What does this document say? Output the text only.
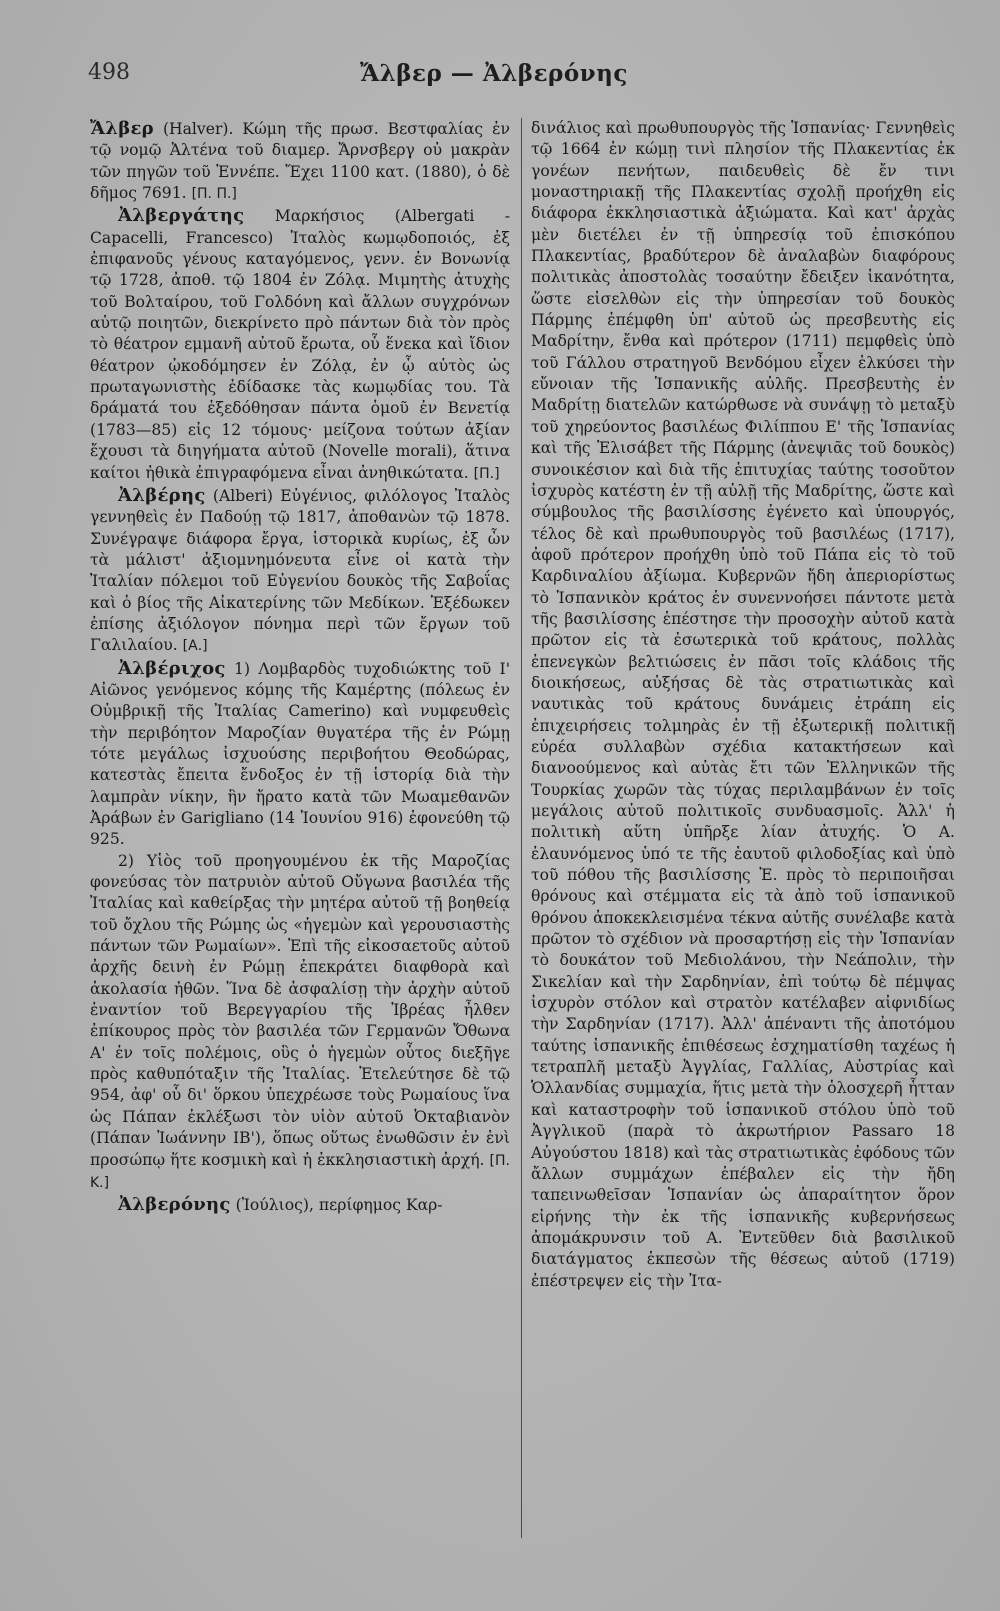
498	Ἄλβερ — Ἀλβερόνης

Ἄλβερ (Halver). Κώμη τῆς πρωσ. Βεστφαλίας ἐν τῷ νομῷ Ἀλτένα τοῦ διαμερ. Ἄρνσβεργ οὐ μακρὰν τῶν πηγῶν τοῦ Ἐννέπε. Ἔχει 1100 κατ. (1880), ὁ δὲ δῆμος 7691. [Π. Π.]

Ἀλβεργάτης Μαρκήσιος (Albergati -Capacelli, Francesco) Ἰταλὸς κωμῳδοποιός, ἐξ ἐπιφανοῦς γένους καταγόμενος, γενν. ἐν Βονωνίᾳ τῷ 1728, ἀποθ. τῷ 1804 ἐν Ζόλᾳ. Μιμητὴς ἀτυχὴς τοῦ Βολταίρου, τοῦ Γολδόνη καὶ ἄλλων συγχρόνων αὐτῷ ποιητῶν, διεκρίνετο πρὸ πάντων διὰ τὸν πρὸς τὸ θέατρον εμμανῆ αὐτοῦ ἔρωτα, οὗ ἕνεκα καὶ ἴδιον θέατρον ᾠκοδόμησεν ἐν Ζόλᾳ, ἐν ᾧ αὐτὸς ὡς πρωταγωνιστὴς ἐδίδασκε τὰς κωμῳδίας του. Τὰ δράματά του ἐξεδόθησαν πάντα ὁμοῦ ἐν Βενετίᾳ (1783—85) εἰς 12 τόμους· μείζονα τούτων ἀξίαν ἔχουσι τὰ διηγήματα αὐτοῦ (Novelle morali), ἅτινα καίτοι ἠθικὰ ἐπιγραφόμενα εἶναι ἀνηθικώτατα. [Π.]

Ἀλβέρης (Alberi) Εὐγένιος, φιλόλογος Ἰταλὸς γεννηθεὶς ἐν Παδούῃ τῷ 1817, ἀποθανὼν τῷ 1878. Συνέγραψε διάφορα ἔργα, ἱστορικὰ κυρίως, ἐξ ὧν τὰ μάλιστ' ἀξιομνημόνευτα εἶνε οἱ κατὰ τὴν Ἰταλίαν πόλεμοι τοῦ Εὐγενίου δουκὸς τῆς Σαβοΐας καὶ ὁ βίος τῆς Αἰκατερίνης τῶν Μεδίκων. Ἐξέδωκεν ἐπίσης ἀξιόλογον πόνημα περὶ τῶν ἔργων τοῦ Γαλιλαίου. [Α.]

Ἀλβέριχος 1) Λομβαρδὸς τυχοδιώκτης τοῦ Ι' Αἰῶνος γενόμενος κόμης τῆς Καμέρτης (πόλεως ἐν Οὐμβρικῇ τῆς Ἰταλίας Camerino) καὶ νυμφευθεὶς τὴν περιβόητον Μαροζίαν θυγατέρα τῆς ἐν Ρώμῃ τότε μεγάλως ἰσχυούσης περιβοήτου Θεοδώρας, κατεστὰς ἔπειτα ἔνδοξος ἐν τῇ ἱστορίᾳ διὰ τὴν λαμπρὰν νίκην, ἣν ἤρατο κατὰ τῶν Μωαμεθανῶν Ἀράβων ἐν Garigliano (14 Ἰουνίου 916) ἐφονεύθη τῷ 925.

2) Υἱὸς τοῦ προηγουμένου ἐκ τῆς Μαροζίας φονεύσας τὸν πατρυιὸν αὐτοῦ Οὔγωνα βασιλέα τῆς Ἰταλίας καὶ καθείρξας τὴν μητέρα αὐτοῦ τῇ βοηθείᾳ τοῦ ὄχλου τῆς Ρώμης ὡς «ἡγεμὼν καὶ γερουσιαστὴς πάντων τῶν Ρωμαίων». Ἐπὶ τῆς εἰκοσαετοῦς αὐτοῦ ἀρχῆς δεινὴ ἐν Ρώμῃ ἐπεκράτει διαφθορὰ καὶ ἀκολασία ἠθῶν. Ἵνα δὲ ἀσφαλίσῃ τὴν ἀρχὴν αὐτοῦ ἐναντίον τοῦ Βερεγγαρίου τῆς Ἰβρέας ἦλθεν ἐπίκουρος πρὸς τὸν βασιλέα τῶν Γερμανῶν Ὄθωνα Α' ἐν τοῖς πολέμοις, οὓς ὁ ἡγεμὼν οὗτος διεξῆγε πρὸς καθυπόταξιν τῆς Ἰταλίας. Ἐτελεύτησε δὲ τῷ 954, ἀφ' οὗ δι' ὅρκου ὑπεχρέωσε τοὺς Ρωμαίους ἵνα ὡς Πάπαν ἐκλέξωσι τὸν υἱὸν αὐτοῦ Ὀκταβιανὸν (Πάπαν Ἰωάννην ΙΒ'), ὅπως οὕτως ἑνωθῶσιν ἐν ἑνὶ προσώπῳ ἥτε κοσμικὴ καὶ ἡ ἐκκλησιαστικὴ ἀρχή. [Π. Κ.]

Ἀλβερόνης (Ἰούλιος), περίφημος Καρ-

δινάλιος καὶ πρωθυπουργὸς τῆς Ἱσπανίας· Γεννηθεὶς τῷ 1664 ἐν κώμῃ τινὶ πλησίον τῆς Πλακεντίας ἐκ γονέων πενήτων, παιδευθεὶς δὲ ἔν τινι μοναστηριακῇ τῆς Πλακεντίας σχολῇ προήχθη εἰς διάφορα ἐκκλησιαστικὰ ἀξιώματα. Καὶ κατ' ἀρχὰς μὲν διετέλει ἐν τῇ ὑπηρεσίᾳ τοῦ ἐπισκόπου Πλακεντίας, βραδύτερον δὲ ἀναλαβὼν διαφόρους πολιτικὰς ἀποστολὰς τοσαύτην ἔδειξεν ἱκανότητα, ὥστε εἰσελθὼν εἰς τὴν ὑπηρεσίαν τοῦ δουκὸς Πάρμης ἐπέμφθη ὑπ' αὐτοῦ ὡς πρεσβευτὴς εἰς Μαδρίτην, ἔνθα καὶ πρότερον (1711) πεμφθεὶς ὑπὸ τοῦ Γάλλου στρατηγοῦ Βενδόμου εἶχεν ἑλκύσει τὴν εὔνοιαν τῆς Ἱσπανικῆς αὐλῆς. Πρεσβευτὴς ἐν Μαδρίτῃ διατελῶν κατώρθωσε νὰ συνάψῃ τὸ μεταξὺ τοῦ χηρεύοντος βασιλέως Φιλίππου Ε' τῆς Ἱσπανίας καὶ τῆς Ἐλισάβετ τῆς Πάρμης (ἀνεψιᾶς τοῦ δουκὸς) συνοικέσιον καὶ διὰ τῆς ἐπιτυχίας ταύτης τοσοῦτον ἰσχυρὸς κατέστη ἐν τῇ αὐλῇ τῆς Μαδρίτης, ὥστε καὶ σύμβουλος τῆς βασιλίσσης ἐγένετο καὶ ὑπουργός, τέλος δὲ καὶ πρωθυπουργὸς τοῦ βασιλέως (1717), ἀφοῦ πρότερον προήχθη ὑπὸ τοῦ Πάπα εἰς τὸ τοῦ Καρδιναλίου ἀξίωμα. Κυβερνῶν ἤδη ἀπεριορίστως τὸ Ἱσπανικὸν κράτος ἐν συνεννοήσει πάντοτε μετὰ τῆς βασιλίσσης ἐπέστησε τὴν προσοχὴν αὐτοῦ κατὰ πρῶτον εἰς τὰ ἐσωτερικὰ τοῦ κράτους, πολλὰς ἐπενεγκὼν βελτιώσεις ἐν πᾶσι τοῖς κλάδοις τῆς διοικήσεως, αὐξήσας δὲ τὰς στρατιωτικὰς καὶ ναυτικὰς τοῦ κράτους δυνάμεις ἐτράπη εἰς ἐπιχειρήσεις τολμηρὰς ἐν τῇ ἐξωτερικῇ πολιτικῇ εὐρέα συλλαβὼν σχέδια κατακτήσεων καὶ διανοούμενος καὶ αὐτὰς ἔτι τῶν Ἑλληνικῶν τῆς Τουρκίας χωρῶν τὰς τύχας περιλαμβάνων ἐν τοῖς μεγάλοις αὐτοῦ πολιτικοῖς συνδυασμοῖς. Ἀλλ' ἡ πολιτικὴ αὕτη ὑπῆρξε λίαν ἀτυχής. Ὁ Α. ἐλαυνόμενος ὑπό τε τῆς ἑαυτοῦ φιλοδοξίας καὶ ὑπὸ τοῦ πόθου τῆς βασιλίσσης Ἐ. πρὸς τὸ περιποιῆσαι θρόνους καὶ στέμματα εἰς τὰ ἀπὸ τοῦ ἱσπανικοῦ θρόνου ἀποκεκλεισμένα τέκνα αὐτῆς συνέλαβε κατὰ πρῶτον τὸ σχέδιον νὰ προσαρτήσῃ εἰς τὴν Ἱσπανίαν τὸ δουκάτον τοῦ Μεδιολάνου, τὴν Νεάπολιν, τὴν Σικελίαν καὶ τὴν Σαρδηνίαν, ἐπὶ τούτῳ δὲ πέμψας ἰσχυρὸν στόλον καὶ στρατὸν κατέλαβεν αἰφνιδίως τὴν Σαρδηνίαν (1717). Ἀλλ' ἀπέναντι τῆς ἀποτόμου ταύτης ἱσπανικῆς ἐπιθέσεως ἐσχηματίσθη ταχέως ἡ τετραπλῆ μεταξὺ Ἀγγλίας, Γαλλίας, Αὐστρίας καὶ Ὁλλανδίας συμμαχία, ἥτις μετὰ τὴν ὁλοσχερῆ ἧτταν καὶ καταστροφὴν τοῦ ἱσπανικοῦ στόλου ὑπὸ τοῦ Ἀγγλικοῦ (παρὰ τὸ ἀκρωτήριον Passaro 18 Αὐγούστου 1818) καὶ τὰς στρατιωτικὰς ἐφόδους τῶν ἄλλων συμμάχων ἐπέβαλεν εἰς τὴν ἤδη ταπεινωθεῖσαν Ἱσπανίαν ὡς ἀπαραίτητον ὅρον εἰρήνης τὴν ἐκ τῆς ἱσπανικῆς κυβερνήσεως ἀπομάκρυνσιν τοῦ Α. Ἐντεῦθεν διὰ βασιλικοῦ διατάγματος ἐκπεσὼν τῆς θέσεως αὐτοῦ (1719) ἐπέστρεψεν εἰς τὴν Ἰτα-
